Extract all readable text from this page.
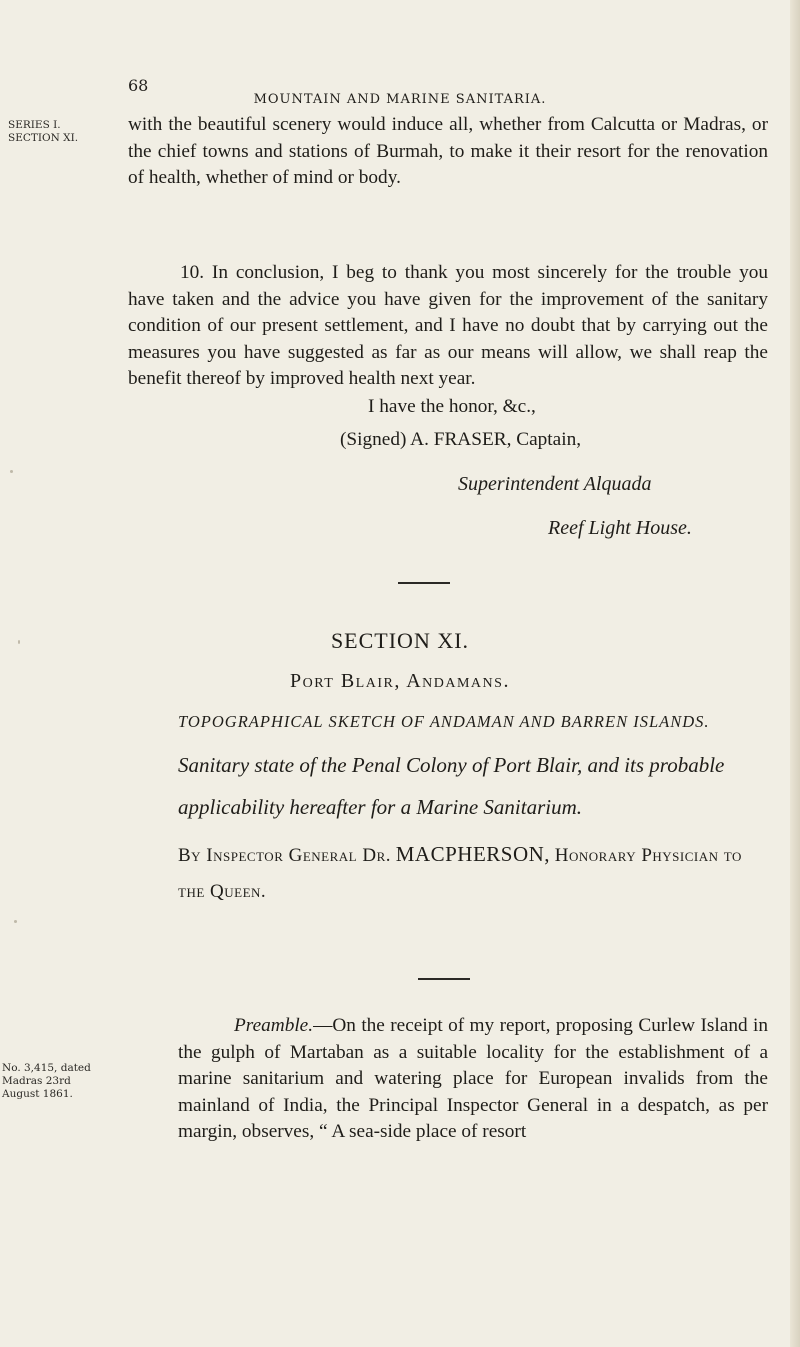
68
MOUNTAIN AND MARINE SANITARIA.
SERIES I.
SECTION XI.
with the beautiful scenery would induce all, whether from Calcutta or Madras, or the chief towns and stations of Burmah, to make it their resort for the renovation of health, whether of mind or body.
10. In conclusion, I beg to thank you most sincerely for the trouble you have taken and the advice you have given for the improvement of the sanitary condition of our present settlement, and I have no doubt that by carrying out the measures you have suggested as far as our means will allow, we shall reap the benefit thereof by improved health next year.
I have the honor, &c.,
(Signed) A. FRASER, Captain,
Superintendent Alquada
Reef Light House.
SECTION XI.
Port Blair, Andamans.
TOPOGRAPHICAL SKETCH OF ANDAMAN AND BARREN ISLANDS.
Sanitary state of the Penal Colony of Port Blair, and its probable applicability hereafter for a Marine Sanitarium.
By Inspector General Dr. MACPHERSON, Honorary Physician to the Queen.
Preamble.—On the receipt of my report, proposing Curlew Island in the gulph of Martaban as a suitable locality for the establishment of a marine sanitarium and watering place for European invalids from the mainland of India, the Principal Inspector General in a despatch, as per margin, observes, “ A sea-side place of resort
No. 3,415, dated
Madras 23rd
August 1861.
